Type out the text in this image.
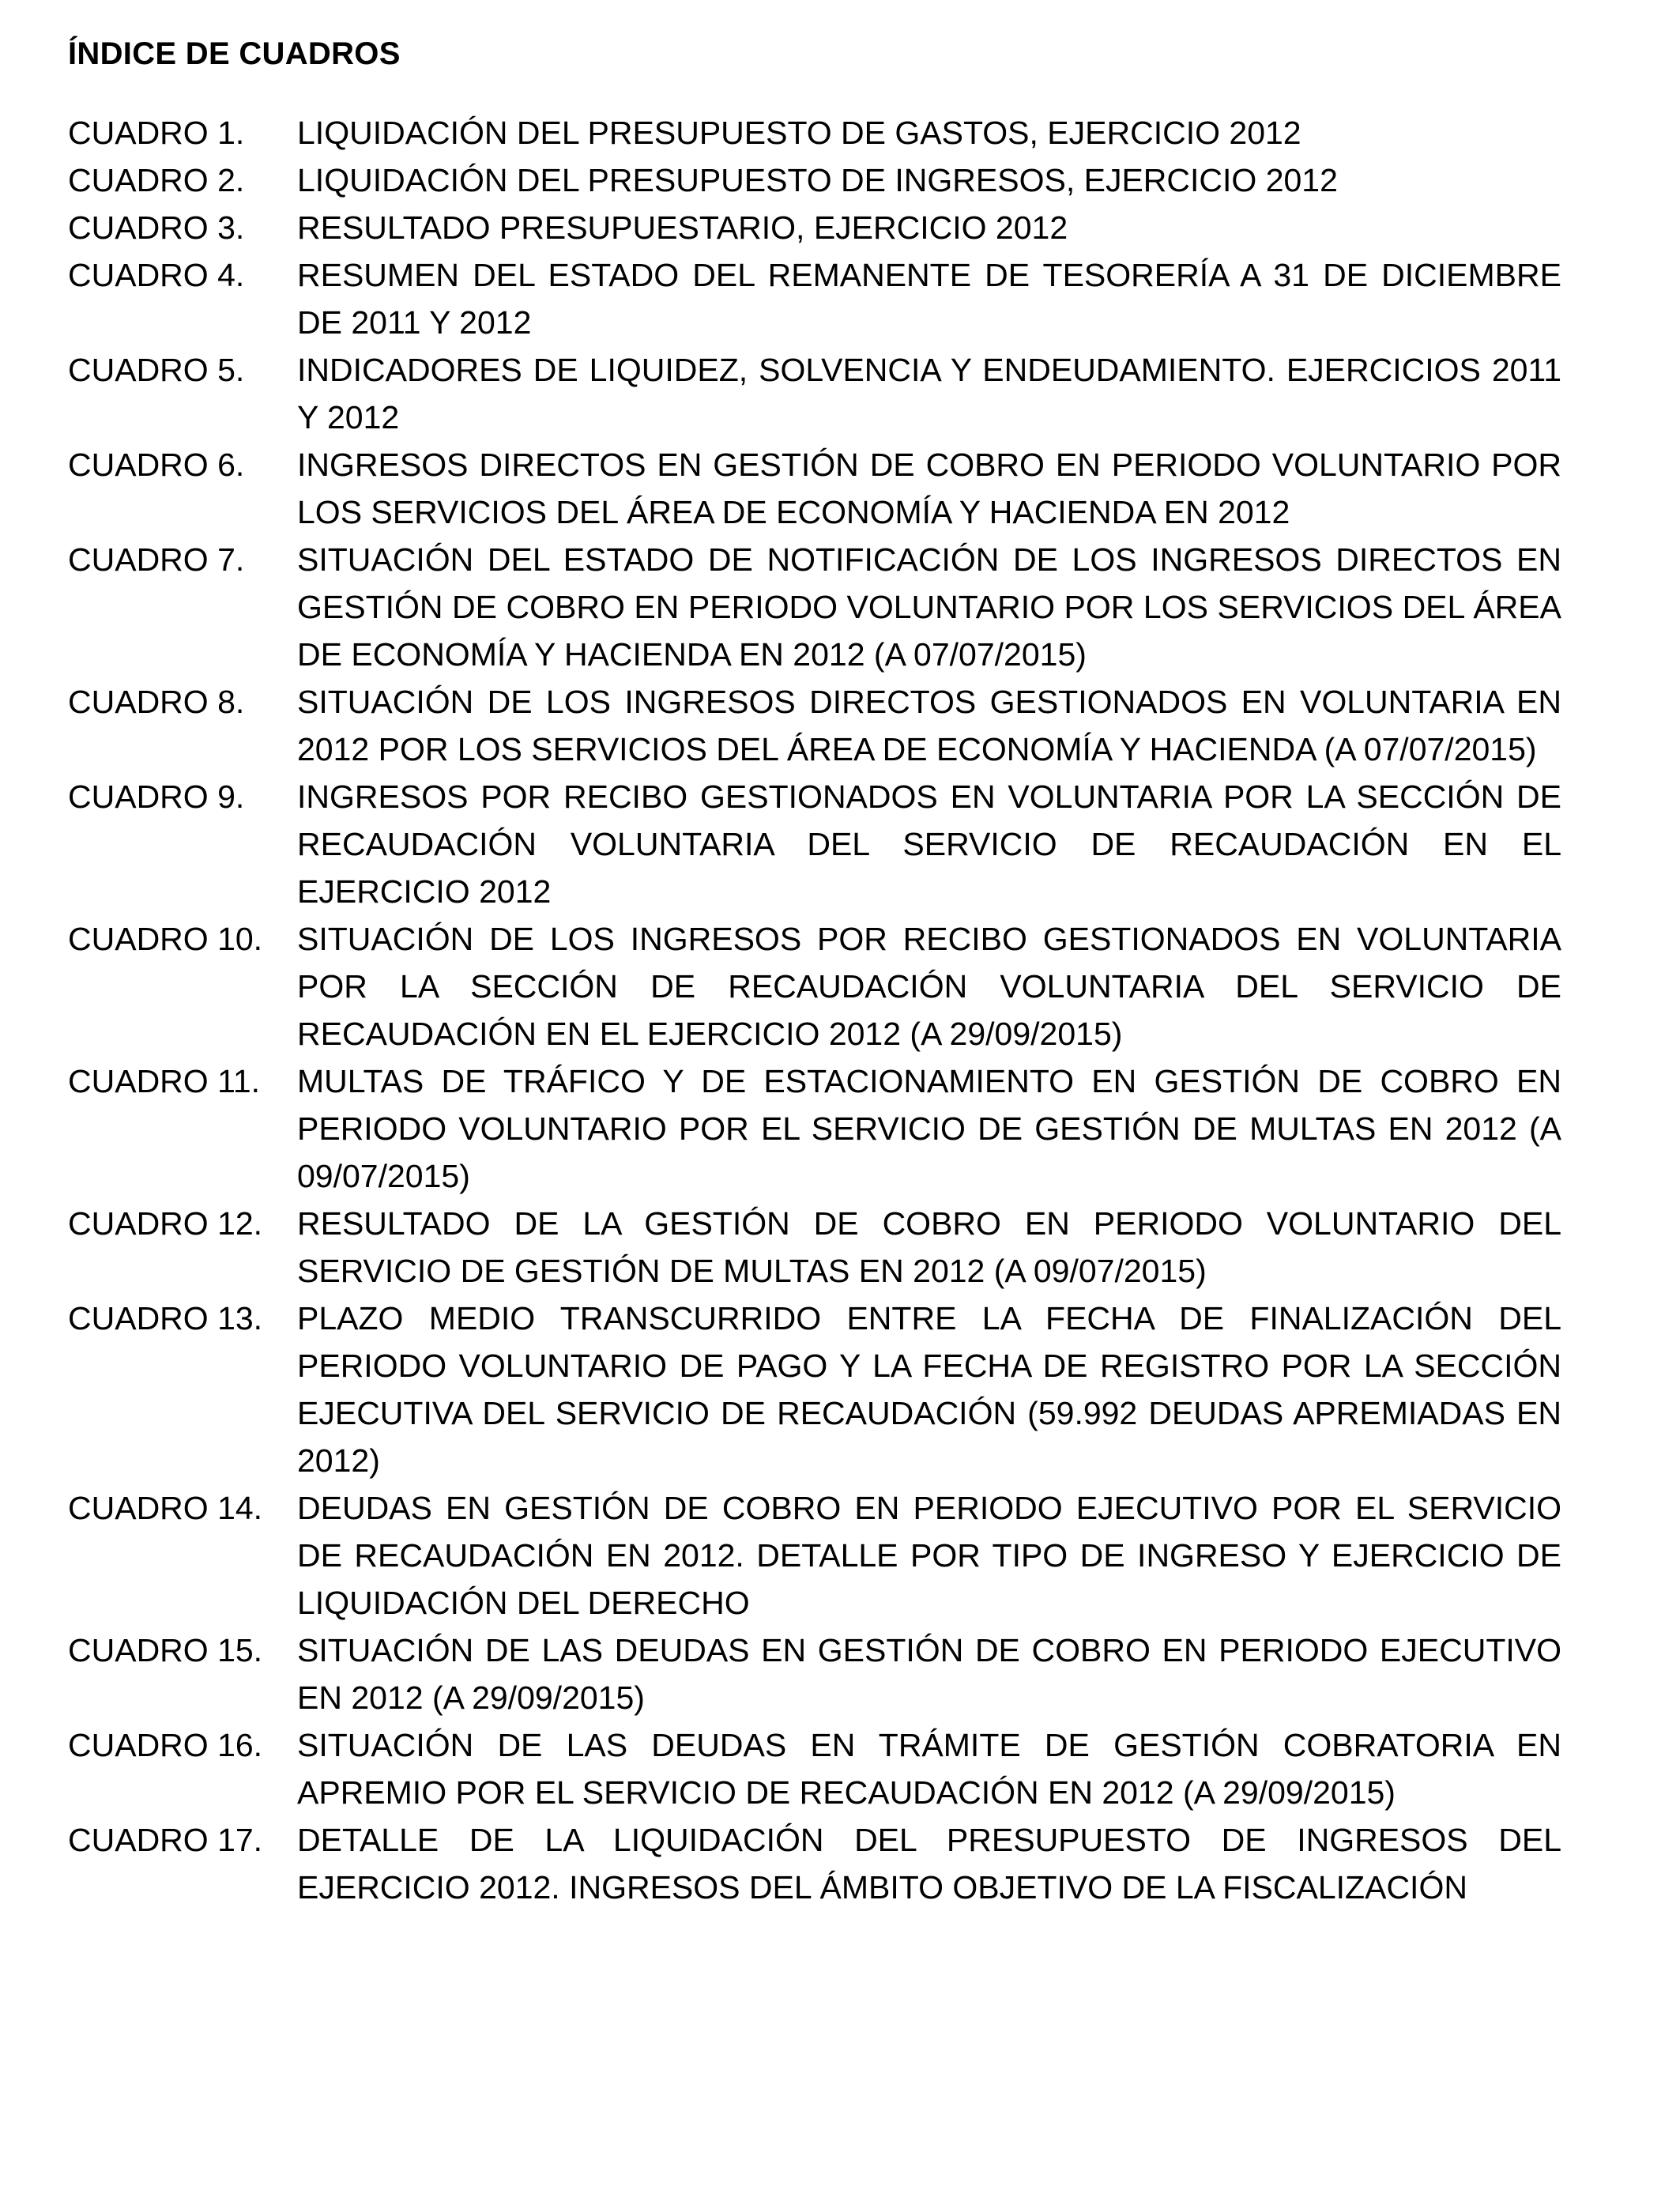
ÍNDICE DE CUADROS
CUADRO 1.	LIQUIDACIÓN DEL PRESUPUESTO DE GASTOS, EJERCICIO 2012
CUADRO 2.	LIQUIDACIÓN DEL PRESUPUESTO DE INGRESOS, EJERCICIO 2012
CUADRO 3.	RESULTADO PRESUPUESTARIO, EJERCICIO 2012
CUADRO 4.	RESUMEN DEL ESTADO DEL REMANENTE DE TESORERÍA A 31 DE DICIEMBRE DE 2011 Y 2012
CUADRO 5.	INDICADORES DE LIQUIDEZ, SOLVENCIA Y ENDEUDAMIENTO. EJERCICIOS 2011 Y 2012
CUADRO 6.	INGRESOS DIRECTOS EN GESTIÓN DE COBRO EN PERIODO VOLUNTARIO POR LOS SERVICIOS DEL ÁREA DE ECONOMÍA Y HACIENDA EN 2012
CUADRO 7.	SITUACIÓN DEL ESTADO DE NOTIFICACIÓN DE LOS INGRESOS DIRECTOS EN GESTIÓN DE COBRO EN PERIODO VOLUNTARIO POR LOS SERVICIOS DEL ÁREA DE ECONOMÍA Y HACIENDA EN 2012 (A 07/07/2015)
CUADRO 8.	SITUACIÓN DE LOS INGRESOS DIRECTOS GESTIONADOS EN VOLUNTARIA EN 2012 POR LOS SERVICIOS DEL ÁREA DE ECONOMÍA Y HACIENDA (A 07/07/2015)
CUADRO 9.	INGRESOS POR RECIBO GESTIONADOS EN VOLUNTARIA POR LA SECCIÓN DE RECAUDACIÓN VOLUNTARIA DEL SERVICIO DE RECAUDACIÓN EN EL EJERCICIO 2012
CUADRO 10.	SITUACIÓN DE LOS INGRESOS POR RECIBO GESTIONADOS EN VOLUNTARIA POR LA SECCIÓN DE RECAUDACIÓN VOLUNTARIA DEL SERVICIO DE RECAUDACIÓN EN EL EJERCICIO 2012 (A 29/09/2015)
CUADRO 11.	MULTAS DE TRÁFICO Y DE ESTACIONAMIENTO EN GESTIÓN DE COBRO EN PERIODO VOLUNTARIO POR EL SERVICIO DE GESTIÓN DE MULTAS EN 2012 (A 09/07/2015)
CUADRO 12.	RESULTADO DE LA GESTIÓN DE COBRO EN PERIODO VOLUNTARIO DEL SERVICIO DE GESTIÓN DE MULTAS EN 2012 (A 09/07/2015)
CUADRO 13.	PLAZO MEDIO TRANSCURRIDO ENTRE LA FECHA DE FINALIZACIÓN DEL PERIODO VOLUNTARIO DE PAGO Y LA FECHA DE REGISTRO POR LA SECCIÓN EJECUTIVA DEL SERVICIO DE RECAUDACIÓN (59.992 DEUDAS APREMIADAS EN 2012)
CUADRO 14.	DEUDAS EN GESTIÓN DE COBRO EN PERIODO EJECUTIVO POR EL SERVICIO DE RECAUDACIÓN EN 2012. DETALLE POR TIPO DE INGRESO Y EJERCICIO DE LIQUIDACIÓN DEL DERECHO
CUADRO 15.	SITUACIÓN DE LAS DEUDAS EN GESTIÓN DE COBRO EN PERIODO EJECUTIVO EN 2012 (A 29/09/2015)
CUADRO 16.	SITUACIÓN DE LAS DEUDAS EN TRÁMITE DE GESTIÓN COBRATORIA EN APREMIO POR EL SERVICIO DE RECAUDACIÓN EN 2012 (A 29/09/2015)
CUADRO 17.	DETALLE DE LA LIQUIDACIÓN DEL PRESUPUESTO DE INGRESOS DEL EJERCICIO 2012. INGRESOS DEL ÁMBITO OBJETIVO DE LA FISCALIZACIÓN
